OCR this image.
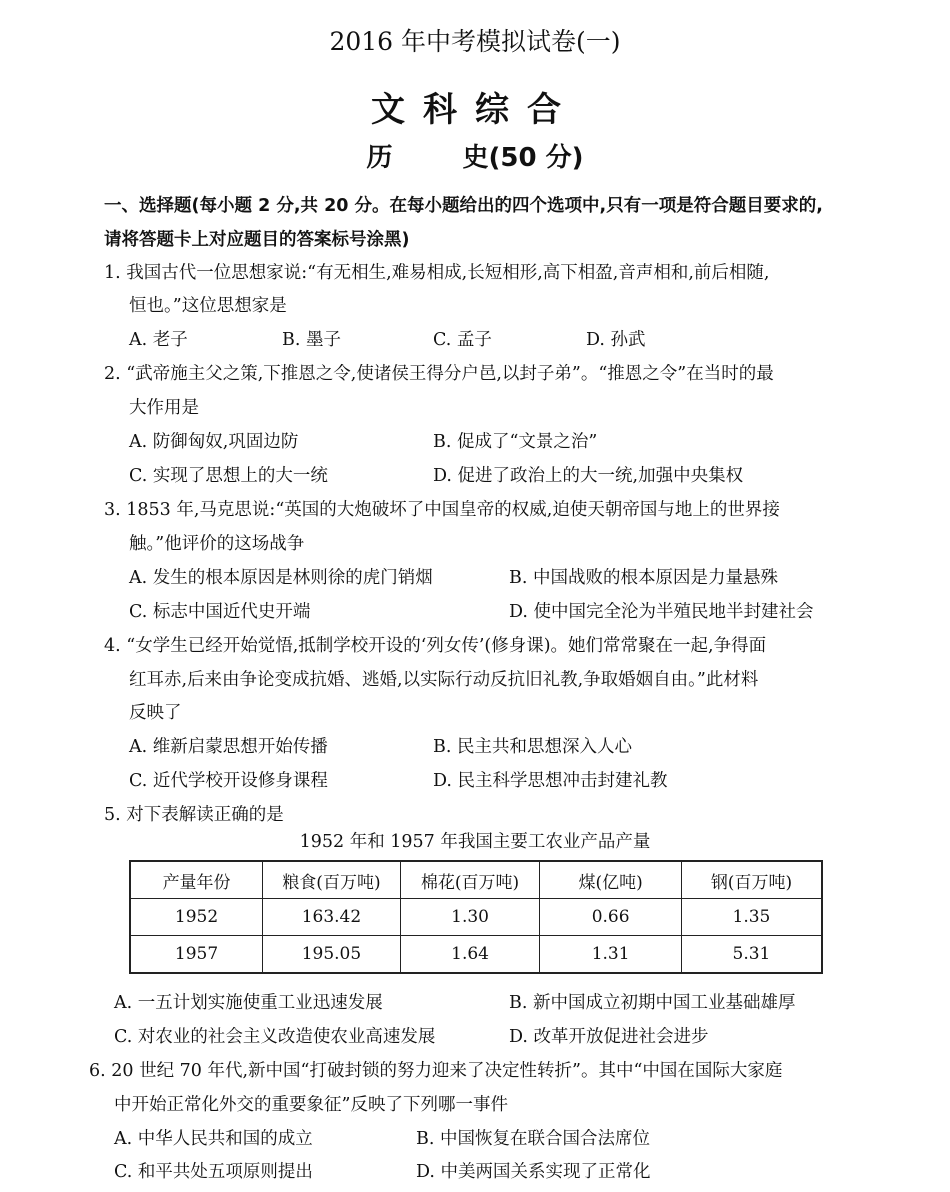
2016 年中考模拟试卷(一)
文科综合
历	史(50 分)
一、选择题(每小题 2 分,共 20 分。在每小题给出的四个选项中,只有一项是符合题目要求的,
请将答题卡上对应题目的答案标号涂黑)
1. 我国古代一位思想家说:“有无相生,难易相成,长短相形,高下相盈,音声相和,前后相随,
恒也。”这位思想家是
A. 老子	B. 墨子	C. 孟子	D. 孙武
2. “武帝施主父之策,下推恩之令,使诸侯王得分户邑,以封子弟”。“推恩之令”在当时的最
大作用是
A. 防御匈奴,巩固边防	B. 促成了“文景之治”
C. 实现了思想上的大一统	D. 促进了政治上的大一统,加强中央集权
3. 1853 年,马克思说:“英国的大炮破坏了中国皇帝的权威,迫使天朝帝国与地上的世界接
触。”他评价的这场战争
A. 发生的根本原因是林则徐的虎门销烟	B. 中国战败的根本原因是力量悬殊
C. 标志中国近代史开端	D. 使中国完全沦为半殖民地半封建社会
4. “女学生已经开始觉悟,抵制学校开设的‘列女传’(修身课)。她们常常聚在一起,争得面
红耳赤,后来由争论变成抗婚、逃婚,以实际行动反抗旧礼教,争取婚姻自由。”此材料
反映了
A. 维新启蒙思想开始传播	B. 民主共和思想深入人心
C. 近代学校开设修身课程	D. 民主科学思想冲击封建礼教
5. 对下表解读正确的是
1952 年和 1957 年我国主要工农业产品产量
产量年份	粮食(百万吨)	棉花(百万吨)	煤(亿吨)	钢(百万吨)
1952	163.42	1.30	0.66	1.35
1957	195.05	1.64	1.31	5.31
A. 一五计划实施使重工业迅速发展	B. 新中国成立初期中国工业基础雄厚
C. 对农业的社会主义改造使农业高速发展	D. 改革开放促进社会进步
6. 20 世纪 70 年代,新中国“打破封锁的努力迎来了决定性转折”。其中“中国在国际大家庭
中开始正常化外交的重要象征”反映了下列哪一事件
A. 中华人民共和国的成立	B. 中国恢复在联合国合法席位
C. 和平共处五项原则提出	D. 中美两国关系实现了正常化
